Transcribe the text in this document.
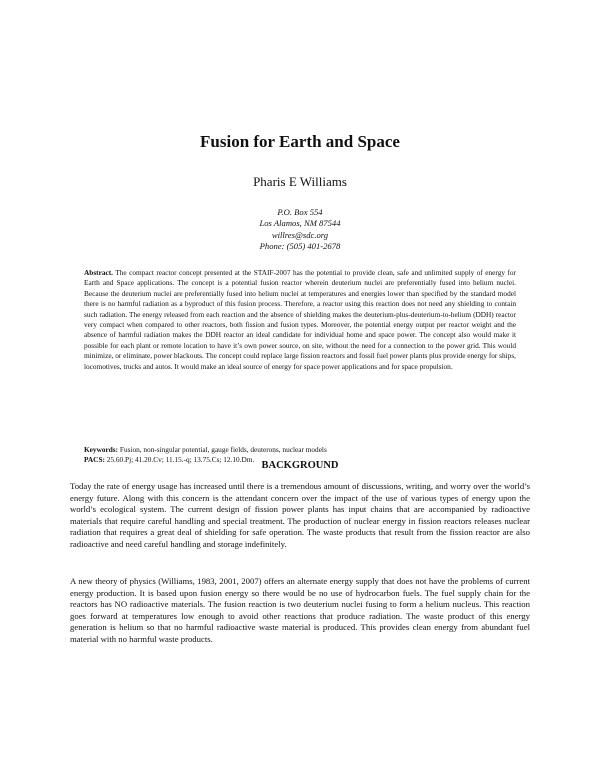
Fusion for Earth and Space

Pharis E Williams

P.O. Box 554
Los Alamos, NM 87544
willres@sdc.org
Phone: (505) 401-2678

Abstract. The compact reactor concept presented at the STAIF-2007 has the potential to provide clean, safe and unlimited supply of energy for Earth and Space applications. The concept is a potential fusion reactor wherein deuterium nuclei are preferentially fused into helium nuclei. Because the deuterium nuclei are preferentially fused into helium nuclei at temperatures and energies lower than specified by the standard model there is no harmful radiation as a byproduct of this fusion process. Therefore, a reactor using this reaction does not need any shielding to contain such radiation. The energy released from each reaction and the absence of shielding makes the deuterium-plus-deuterium-to-helium (DDH) reactor very compact when compared to other reactors, both fission and fusion types. Moreover, the potential energy output per reactor weight and the absence of harmful radiation makes the DDH reactor an ideal candidate for individual home and space power. The concept also would make it possible for each plant or remote location to have it’s own power source, on site, without the need for a connection to the power grid. This would minimize, or eliminate, power blackouts. The concept could replace large fission reactors and fossil fuel power plants plus provide energy for ships, locomotives, trucks and autos. It would make an ideal source of energy for space power applications and for space propulsion.

Keywords: Fusion, non-singular potential, gauge fields, deuterons, nuclear models

PACS: 25.60.Pj; 41.20.Cv; 11.15.-q; 13.75.Cs; 12.10.Dm.

BACKGROUND

Today the rate of energy usage has increased until there is a tremendous amount of discussions, writing, and worry over the world’s energy future. Along with this concern is the attendant concern over the impact of the use of various types of energy upon the world’s ecological system. The current design of fission power plants has input chains that are accompanied by radioactive materials that require careful handling and special treatment. The production of nuclear energy in fission reactors releases nuclear radiation that requires a great deal of shielding for safe operation. The waste products that result from the fission reactor are also radioactive and need careful handling and storage indefinitely.

A new theory of physics (Williams, 1983, 2001, 2007) offers an alternate energy supply that does not have the problems of current energy production. It is based upon fusion energy so there would be no use of hydrocarbon fuels. The fuel supply chain for the reactors has NO radioactive materials. The fusion reaction is two deuterium nuclei fusing to form a helium nucleus. This reaction goes forward at temperatures low enough to avoid other reactions that produce radiation. The waste product of this energy generation is helium so that no harmful radioactive waste material is produced. This provides clean energy from abundant fuel material with no harmful waste products.
